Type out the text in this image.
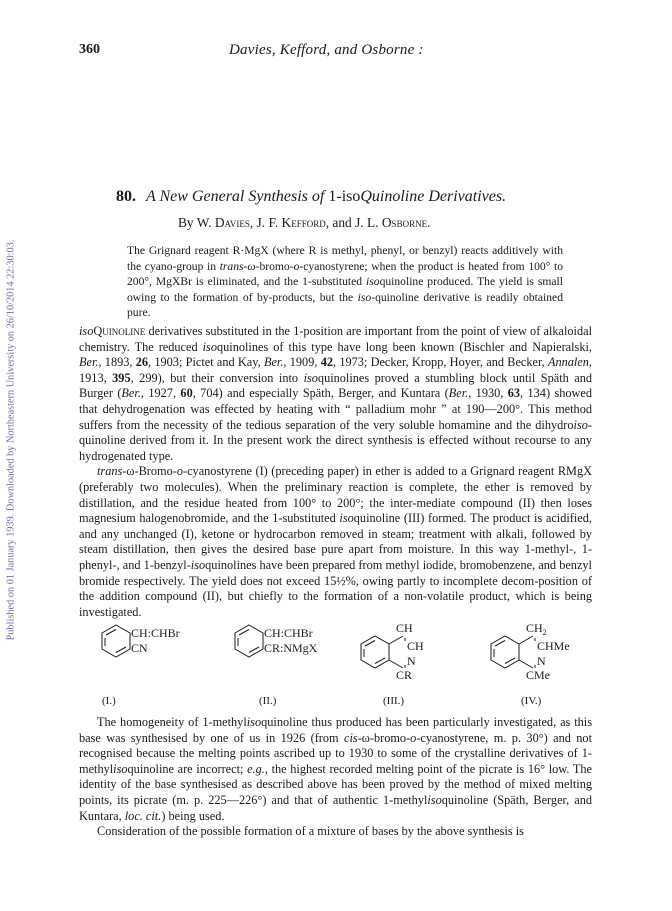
Published on 01 January 1939. Downloaded by Northeastern University on 26/10/2014 22:30:03.
360	Davies, Kefford, and Osborne :
80. A New General Synthesis of 1-isoQuinoline Derivatives.
By W. Davies, J. F. Kefford, and J. L. Osborne.

The Grignard reagent R·MgX (where R is methyl, phenyl, or benzyl) reacts additively with the cyano-group in trans-ω-bromo-o-cyanostyrene; when the product is heated from 100° to 200°, MgXBr is eliminated, and the 1-substituted isoquinoline produced. The yield is small owing to the formation of by-products, but the iso-quinoline derivative is readily obtained pure.

isoQuinoline derivatives substituted in the 1-position are important from the point of view of alkaloidal chemistry. The reduced isoquinolines of this type have long been known (Bischler and Napieralski, Ber., 1893, 26, 1903; Pictet and Kay, Ber., 1909, 42, 1973; Decker, Kropp, Hoyer, and Becker, Annalen, 1913, 395, 299), but their conversion into isoquinolines proved a stumbling block until Späth and Burger (Ber., 1927, 60, 704) and especially Späth, Berger, and Kuntara (Ber., 1930, 63, 134) showed that dehydrogenation was effected by heating with “ palladium mohr ” at 190—200°. This method suffers from the necessity of the tedious separation of the very soluble homamine and the dihydroiso-quinoline derived from it. In the present work the direct synthesis is effected without recourse to any hydrogenated type.

trans-ω-Bromo-o-cyanostyrene (I) (preceding paper) in ether is added to a Grignard reagent RMgX (preferably two molecules). When the preliminary reaction is complete, the ether is removed by distillation, and the residue heated from 100° to 200°; the inter-mediate compound (II) then loses magnesium halogenobromide, and the 1-substituted isoquinoline (III) formed. The product is acidified, and any unchanged (I), ketone or hydrocarbon removed in steam; treatment with alkali, followed by steam distillation, then gives the desired base pure apart from moisture. In this way 1-methyl-, 1-phenyl-, and 1-benzyl-isoquinolines have been prepared from methyl iodide, bromobenzene, and benzyl bromide respectively. The yield does not exceed 15½%, owing partly to incomplete decom-position of the addition compound (II), but chiefly to the formation of a non-volatile product, which is being investigated.

CH:CHBr
CN
(I.)
CH:CHBr
CR:NMgX
(II.)
CH
CH
N
CR
(III.)
$CH_2$
CHMe
N
CMe
(IV.)

The homogeneity of 1-methylisoquinoline thus produced has been particularly investigated, as this base was synthesised by one of us in 1926 (from cis-ω-bromo-o-cyanostyrene, m. p. 30°) and not recognised because the melting points ascribed up to 1930 to some of the crystalline derivatives of 1-methylisoquinoline are incorrect; e.g., the highest recorded melting point of the picrate is 16° low. The identity of the base synthesised as described above has been proved by the method of mixed melting points, its picrate (m. p. 225—226°) and that of authentic 1-methylisoquinoline (Späth, Berger, and Kuntara, loc. cit.) being used.

Consideration of the possible formation of a mixture of bases by the above synthesis is
